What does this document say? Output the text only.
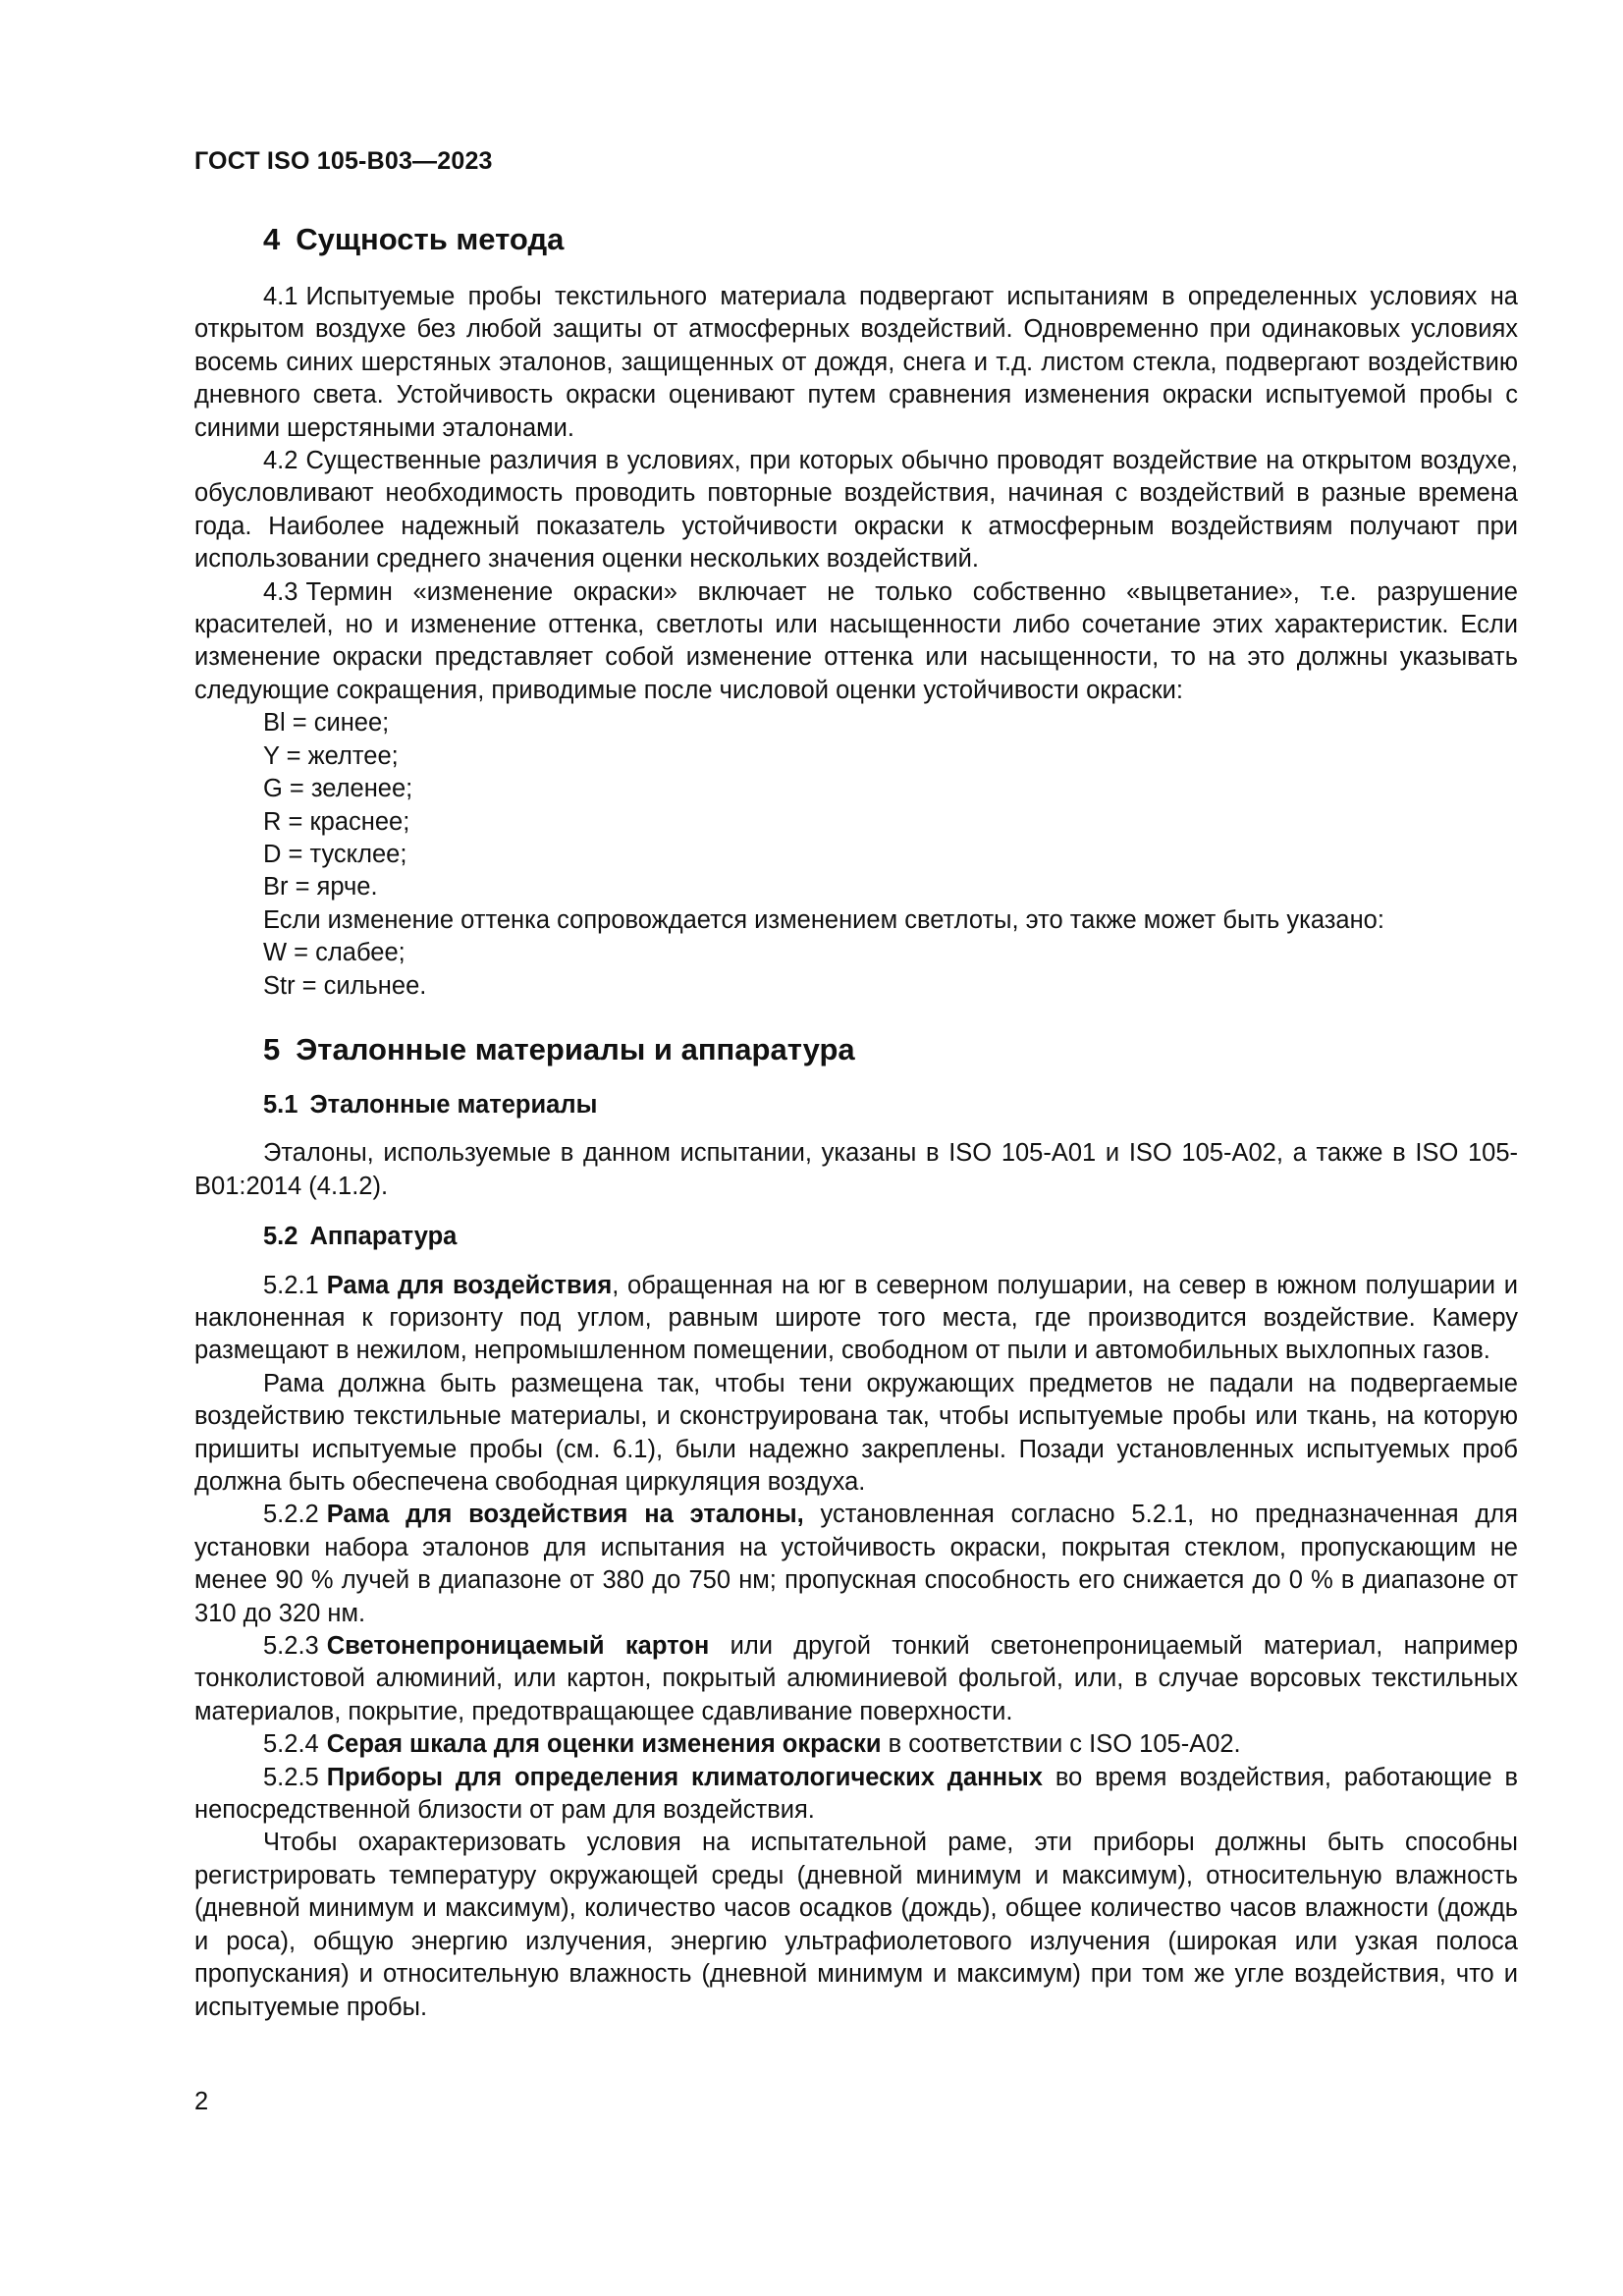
ГОСТ ISO 105-B03—2023
4 Сущность метода

4.1 Испытуемые пробы текстильного материала подвергают испытаниям в определенных условиях на открытом воздухе без любой защиты от атмосферных воздействий. Одновременно при одинаковых условиях восемь синих шерстяных эталонов, защищенных от дождя, снега и т.д. листом стекла, подвергают воздействию дневного света. Устойчивость окраски оценивают путем сравнения изменения окраски испытуемой пробы с синими шерстяными эталонами.

4.2 Существенные различия в условиях, при которых обычно проводят воздействие на открытом воздухе, обусловливают необходимость проводить повторные воздействия, начиная с воздействий в разные времена года. Наиболее надежный показатель устойчивости окраски к атмосферным воздействиям получают при использовании среднего значения оценки нескольких воздействий.

4.3 Термин «изменение окраски» включает не только собственно «выцветание», т.е. разрушение красителей, но и изменение оттенка, светлоты или насыщенности либо сочетание этих характеристик. Если изменение окраски представляет собой изменение оттенка или насыщенности, то на это должны указывать следующие сокращения, приводимые после числовой оценки устойчивости окраски:

Bl = синее;
Y = желтее;
G = зеленее;
R = краснее;
D = тусклее;
Br = ярче.
Если изменение оттенка сопровождается изменением светлоты, это также может быть указано:
W = слабее;
Str = сильнее.
5 Эталонные материалы и аппаратура
5.1 Эталонные материалы

Эталоны, используемые в данном испытании, указаны в ISO 105-A01 и ISO 105-A02, а также в ISO 105-B01:2014 (4.1.2).

5.2 Аппаратура

5.2.1 Рама для воздействия, обращенная на юг в северном полушарии, на север в южном полушарии и наклоненная к горизонту под углом, равным широте того места, где производится воздействие. Камеру размещают в нежилом, непромышленном помещении, свободном от пыли и автомобильных выхлопных газов.

Рама должна быть размещена так, чтобы тени окружающих предметов не падали на подвергаемые воздействию текстильные материалы, и сконструирована так, чтобы испытуемые пробы или ткань, на которую пришиты испытуемые пробы (см. 6.1), были надежно закреплены. Позади установленных испытуемых проб должна быть обеспечена свободная циркуляция воздуха.

5.2.2 Рама для воздействия на эталоны, установленная согласно 5.2.1, но предназначенная для установки набора эталонов для испытания на устойчивость окраски, покрытая стеклом, пропускающим не менее 90 % лучей в диапазоне от 380 до 750 нм; пропускная способность его снижается до 0 % в диапазоне от 310 до 320 нм.

5.2.3 Светонепроницаемый картон или другой тонкий светонепроницаемый материал, например тонколистовой алюминий, или картон, покрытый алюминиевой фольгой, или, в случае ворсовых текстильных материалов, покрытие, предотвращающее сдавливание поверхности.

5.2.4 Серая шкала для оценки изменения окраски в соответствии с ISO 105-A02.

5.2.5 Приборы для определения климатологических данных во время воздействия, работающие в непосредственной близости от рам для воздействия.

Чтобы охарактеризовать условия на испытательной раме, эти приборы должны быть способны регистрировать температуру окружающей среды (дневной минимум и максимум), относительную влажность (дневной минимум и максимум), количество часов осадков (дождь), общее количество часов влажности (дождь и роса), общую энергию излучения, энергию ультрафиолетового излучения (широкая или узкая полоса пропускания) и относительную влажность (дневной минимум и максимум) при том же угле воздействия, что и испытуемые пробы.

2
